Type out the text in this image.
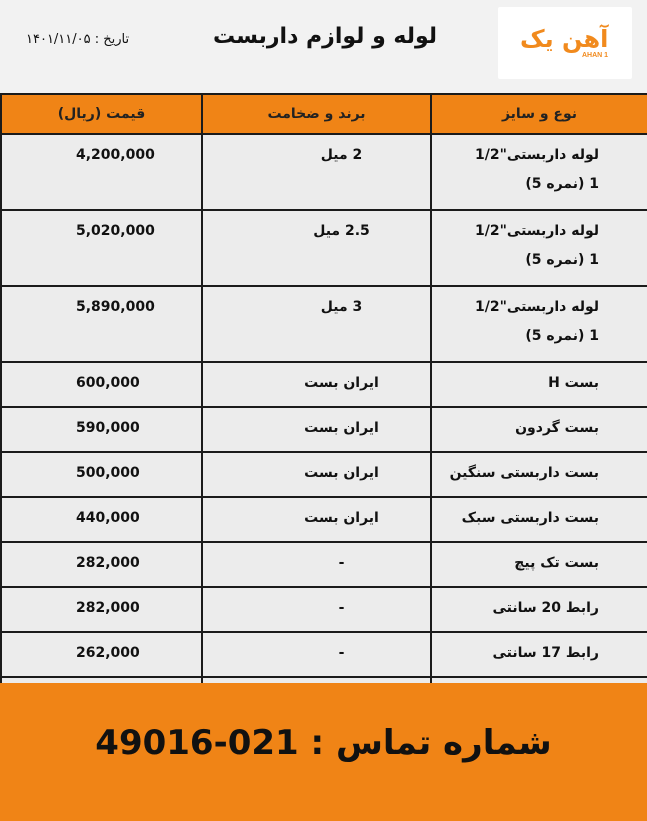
آهن یک
AHAN 1
لوله و لوازم داربست
تاریخ : ۱۴۰۱/۱۱/۰۵
نوع و سایز	برند و ضخامت	قیمت (ریال)

لوله داربستی"1/2
1 (نمره 5)	2 میل	4,200,000

لوله داربستی"1/2
1 (نمره 5)	2.5 میل	5,020,000

لوله داربستی"1/2
1 (نمره 5)	3 میل	5,890,000
بست H	ایران بست	600,000
بست گردون	ایران بست	590,000
بست داربستی سنگین	ایران بست	500,000
بست داربستی سبک	ایران بست	440,000
بست تک پیچ	-	282,000
رابط 20 سانتی	-	282,000
رابط 17 سانتی	-	262,000

شماره تماس : 021-49016
